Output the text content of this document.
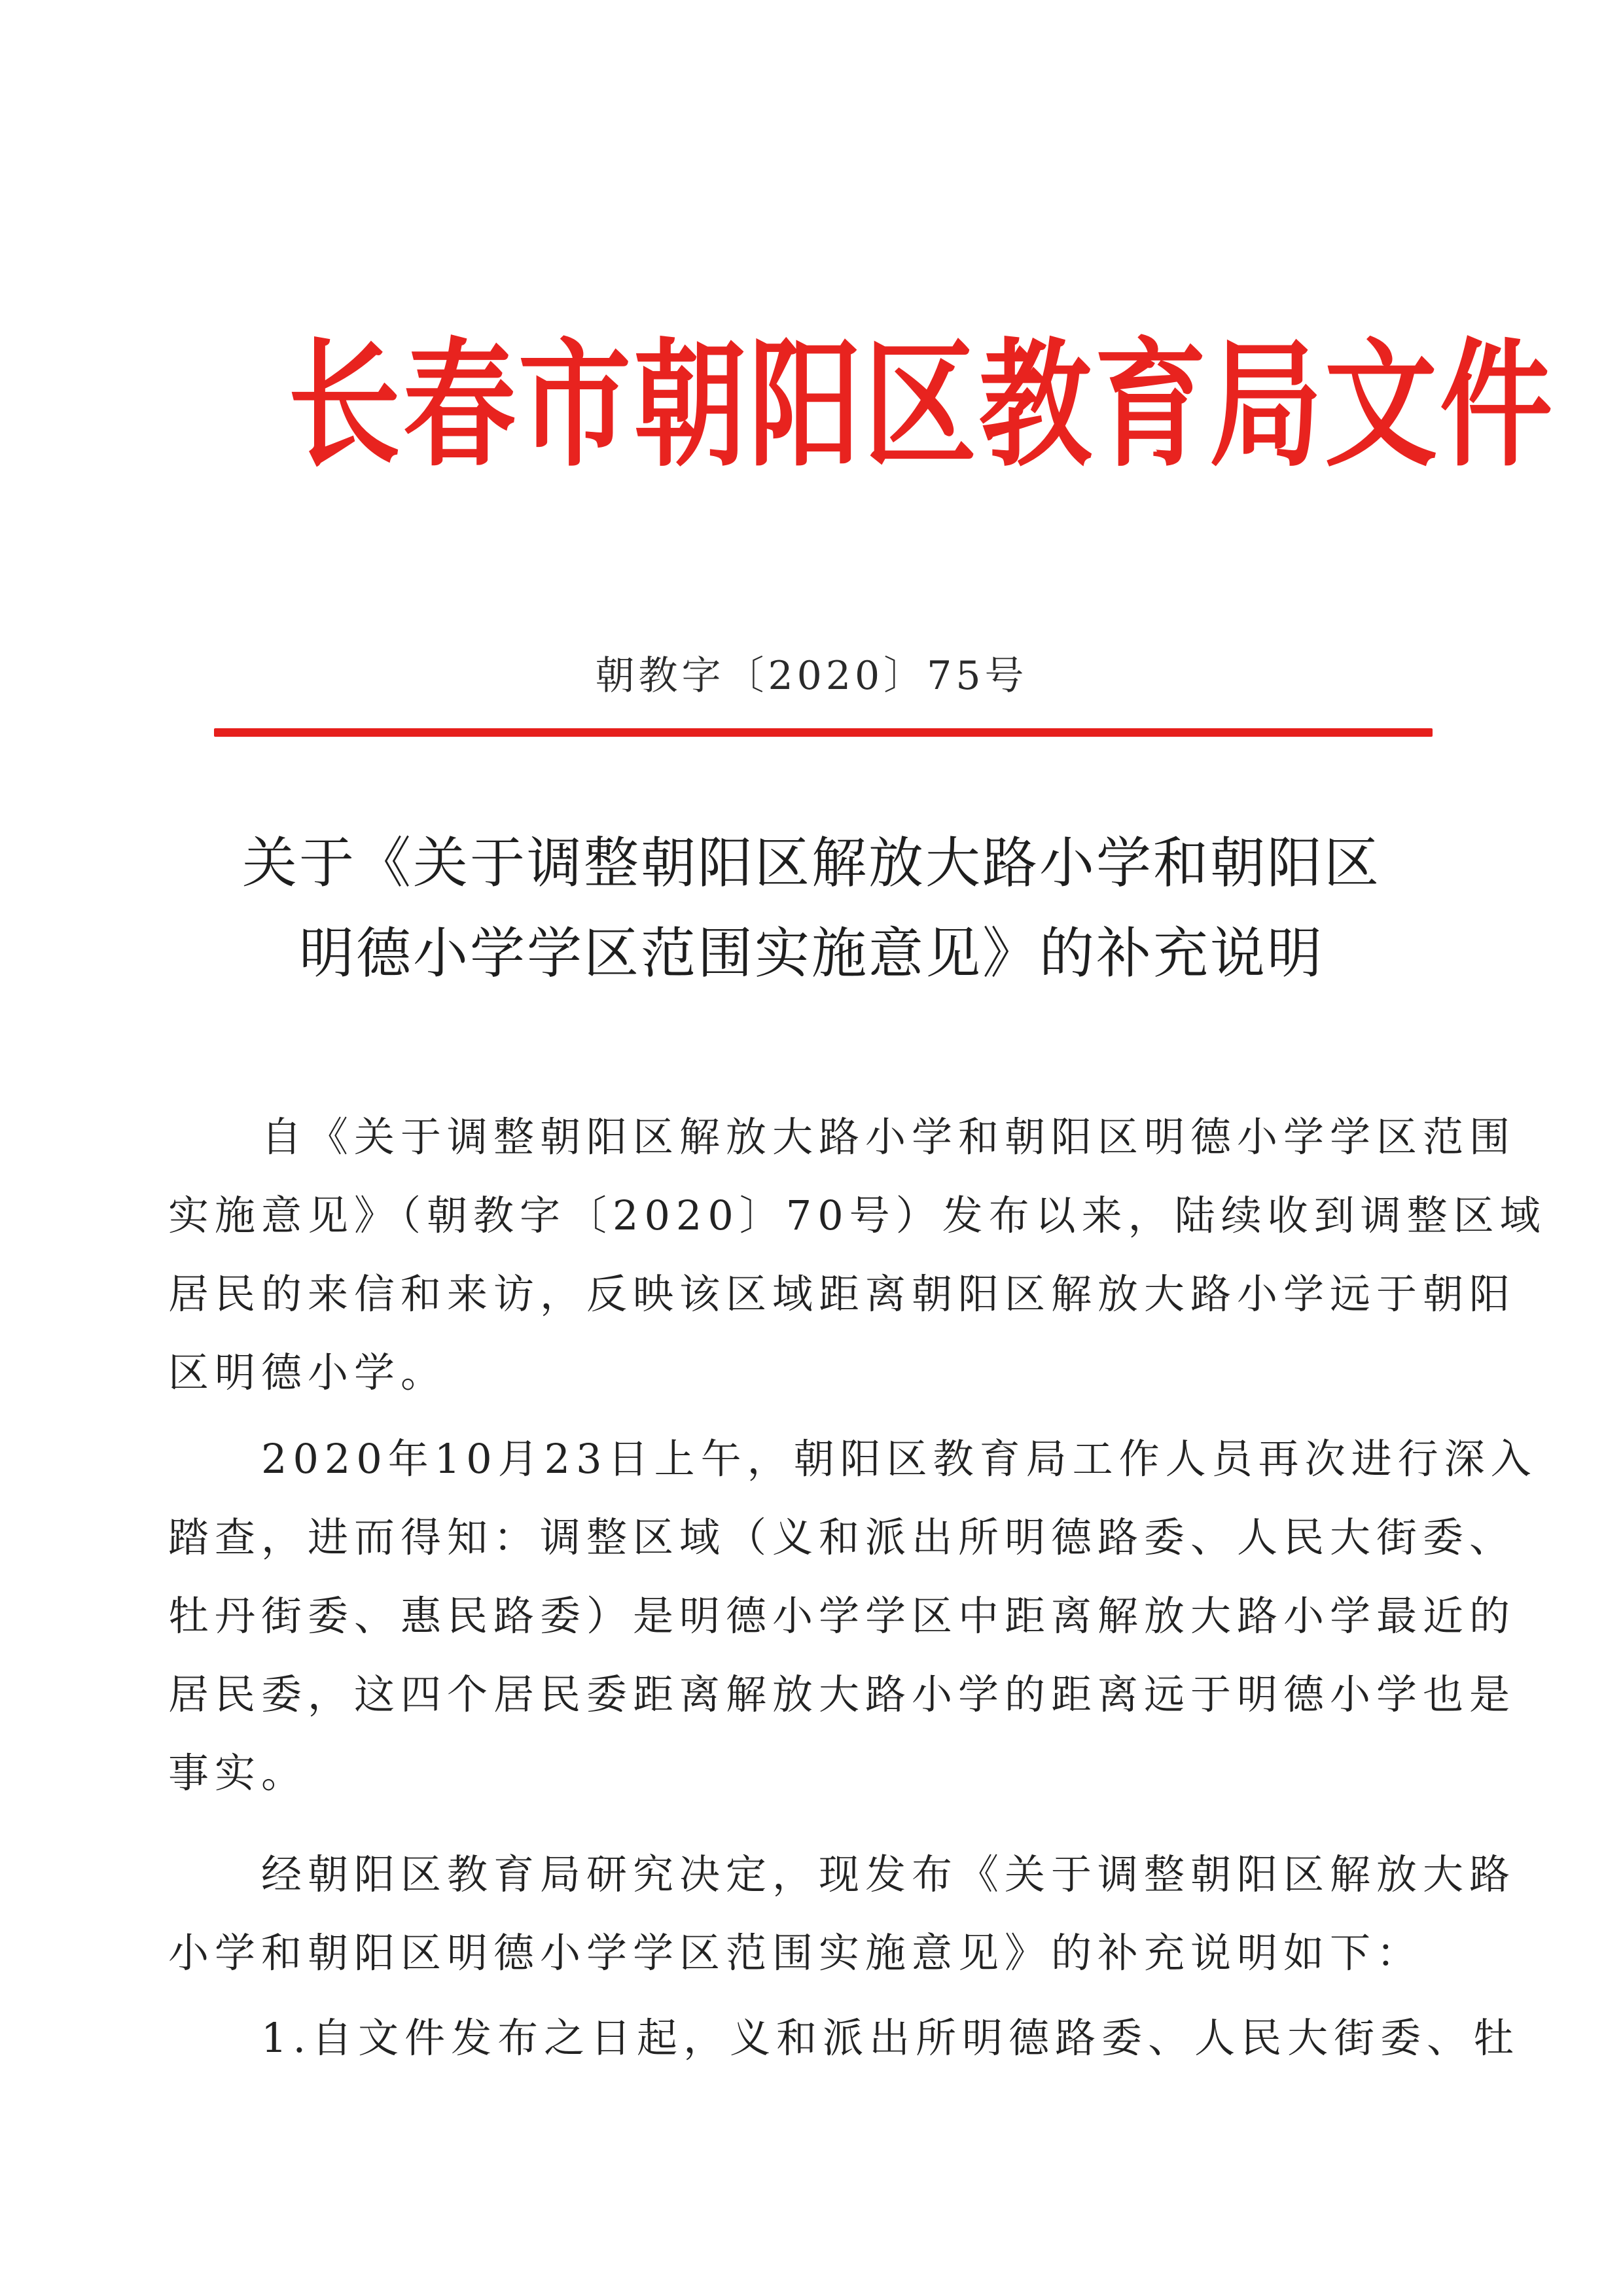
长春市朝阳区教育局文件
朝教字〔2020〕75号
关于《关于调整朝阳区解放大路小学和朝阳区
明德小学学区范围实施意见》的补充说明
　　自《关于调整朝阳区解放大路小学和朝阳区明德小学学区范围
实施意见》（朝教字〔2020〕70号）发布以来，陆续收到调整区域
居民的来信和来访，反映该区域距离朝阳区解放大路小学远于朝阳
区明德小学。
　　2020年10月23日上午，朝阳区教育局工作人员再次进行深入
踏查，进而得知：调整区域（义和派出所明德路委、人民大街委、
牡丹街委、惠民路委）是明德小学学区中距离解放大路小学最近的
居民委，这四个居民委距离解放大路小学的距离远于明德小学也是
事实。
　　经朝阳区教育局研究决定，现发布《关于调整朝阳区解放大路
小学和朝阳区明德小学学区范围实施意见》的补充说明如下：
　　1.自文件发布之日起，义和派出所明德路委、人民大街委、牡
